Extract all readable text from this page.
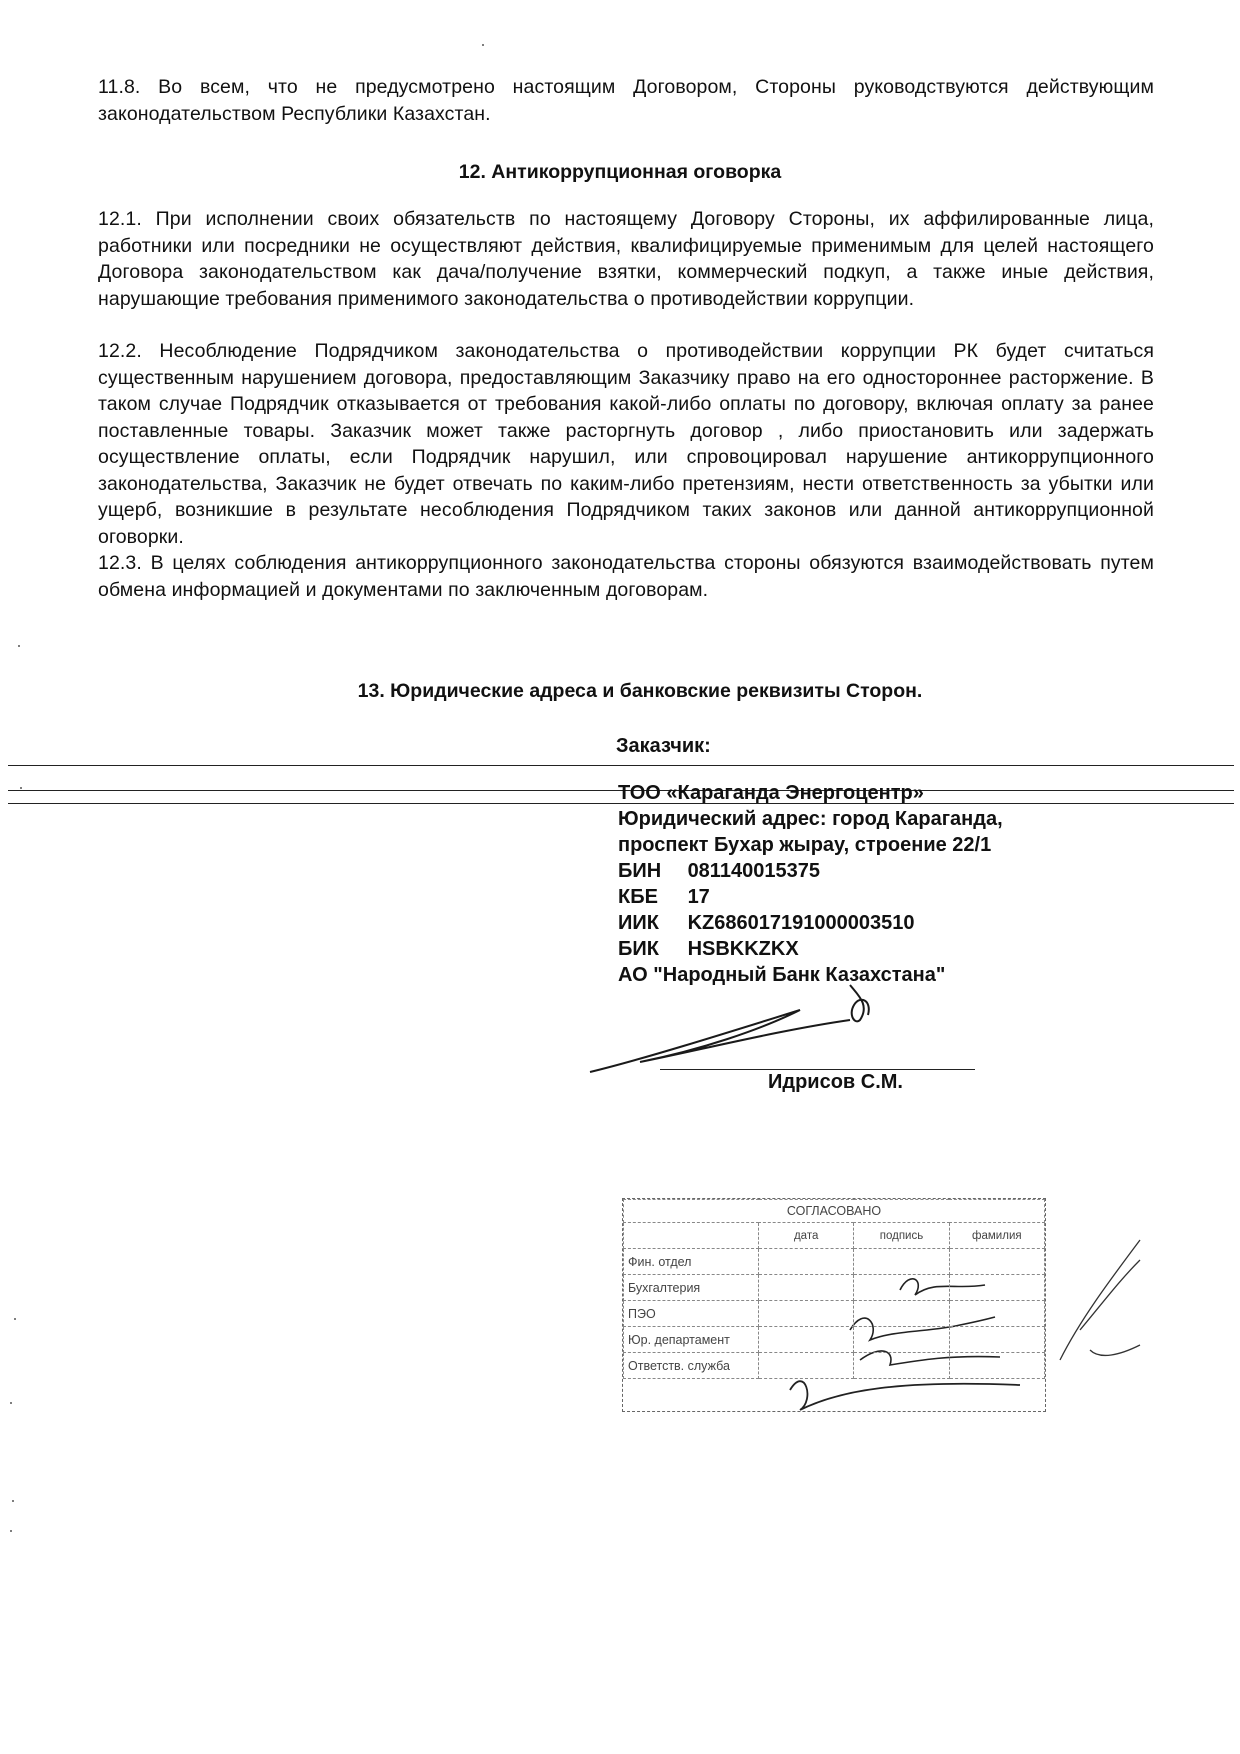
11.8. Во всем, что не предусмотрено настоящим Договором, Стороны руководствуются действующим законодательством Республики Казахстан.
12. Антикоррупционная оговорка
12.1. При исполнении своих обязательств по настоящему Договору Стороны, их аффилированные лица, работники или посредники не осуществляют действия, квалифицируемые применимым для целей настоящего Договора законодательством как дача/получение взятки, коммерческий подкуп, а также иные действия, нарушающие требования применимого законодательства о противодействии коррупции.
12.2. Несоблюдение Подрядчиком законодательства о противодействии коррупции РК будет считаться существенным нарушением договора, предоставляющим Заказчику право на его одностороннее расторжение. В таком случае Подрядчик отказывается от требования какой-либо оплаты по договору, включая оплату за ранее поставленные товары. Заказчик может также расторгнуть договор , либо приостановить или задержать осуществление оплаты, если Подрядчик нарушил, или спровоцировал нарушение антикоррупционного законодательства, Заказчик не будет отвечать по каким-либо претензиям, нести ответственность за убытки или ущерб, возникшие в результате несоблюдения Подрядчиком таких законов или данной антикоррупционной оговорки.
12.3. В целях соблюдения антикоррупционного законодательства стороны обязуются взаимодействовать путем обмена информацией и документами по заключенным договорам.
13. Юридические адреса и банковские реквизиты Сторон.
Заказчик:
ТОО «Караганда Энергоцентр»
Юридический адрес: город Караганда,
проспект Бухар жырау, строение 22/1
БИН 081140015375
КБЕ 17
ИИК KZ686017191000003510
БИК HSBKKZKX
АО "Народный Банк Казахстана"
Идрисов С.М.
СОГЛАСОВАНО			
	дата	подпись	фамилия
Фин. отдел			
Бухгалтерия			
ПЭО			
Юр. департамент			
Ответств. служба			
